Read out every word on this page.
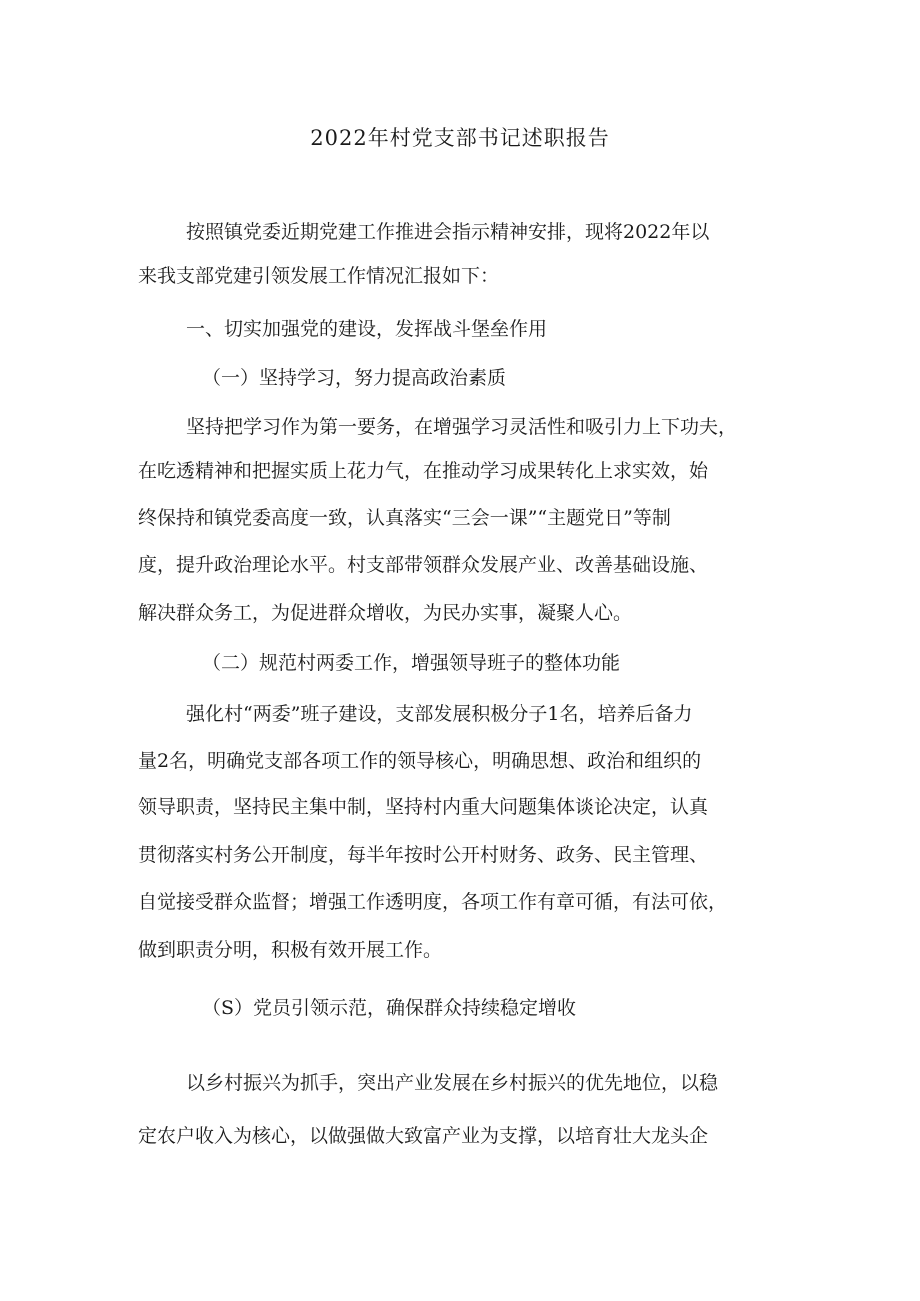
2022年村党支部书记述职报告
按照镇党委近期党建工作推进会指示精神安排，现将2022年以
来我支部党建引领发展工作情况汇报如下：
一、切实加强党的建设，发挥战斗堡垒作用
（一）坚持学习，努力提高政治素质
坚持把学习作为第一要务，在增强学习灵活性和吸引力上下功夫，
在吃透精神和把握实质上花力气，在推动学习成果转化上求实效，始
终保持和镇党委高度一致，认真落实“三会一课”“主题党日”等制
度，提升政治理论水平。村支部带领群众发展产业、改善基础设施、
解决群众务工，为促进群众增收，为民办实事，凝聚人心。
（二）规范村两委工作，增强领导班子的整体功能
强化村“两委”班子建设，支部发展积极分子1名，培养后备力
量2名，明确党支部各项工作的领导核心，明确思想、政治和组织的
领导职责，坚持民主集中制，坚持村内重大问题集体谈论决定，认真
贯彻落实村务公开制度，每半年按时公开村财务、政务、民主管理、
自觉接受群众监督；增强工作透明度，各项工作有章可循，有法可依，
做到职责分明，积极有效开展工作。
（S）党员引领示范，确保群众持续稳定增收
以乡村振兴为抓手，突出产业发展在乡村振兴的优先地位，以稳
定农户收入为核心，以做强做大致富产业为支撑，以培育壮大龙头企
